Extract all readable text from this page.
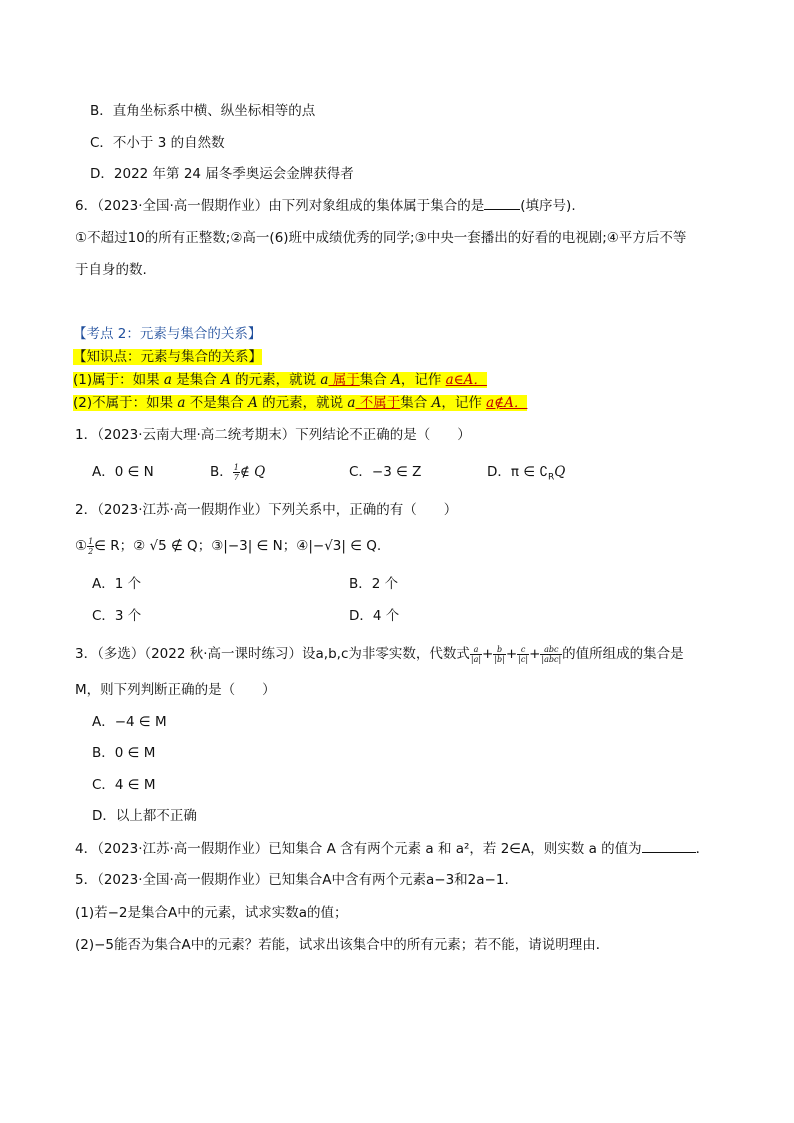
B．直角坐标系中横、纵坐标相等的点
C．不小于 3 的自然数
D．2022 年第 24 届冬季奥运会金牌获得者
6．（2023·全国·高一假期作业）由下列对象组成的集体属于集合的是	(填序号).
①不超过10的所有正整数;②高一(6)班中成绩优秀的同学;③中央一套播出的好看的电视剧;④平方后不等
于自身的数.
【考点 2：元素与集合的关系】
【知识点：元素与集合的关系】
(1)属于：如果 a 是集合 A 的元素，就说 a 属于集合 A，记作 a∈A．
(2)不属于：如果 a 不是集合 A 的元素，就说 a 不属于集合 A，记作 a∉A．
1．（2023·云南大理·高二统考期末）下列结论不正确的是（　　）
A．0 ∈ N	B． $\frac{1}{7}$ ∉ Q	C．−3 ∈ Z	D．π ∈ $∁_RQ$
2．（2023·江苏·高一假期作业）下列关系中，正确的有（　　）
① $\frac{1}{2}$ ∈ R；② √5 ∉ Q；③|−3| ∈ N；④|−√3| ∈ Q.
A．1 个	B．2 个
C．3 个	D．4 个
3．（多选）（2022 秋·高一课时练习）设a,b,c为非零实数，代数式 $\frac{a}{|a|} + \frac{b}{|b|} + \frac{c}{|c|}$ + abc
|abc| 的值所组成的集合是
M，则下列判断正确的是（　　）
A．−4 ∈ M
B．0 ∈ M
C．4 ∈ M
D．以上都不正确
4．（2023·江苏·高一假期作业）已知集合 A 含有两个元素 a 和 a²，若 2∈A，则实数 a 的值为	．
5．（2023·全国·高一假期作业）已知集合A中含有两个元素a−3和2a−1.
(1)若−2是集合A中的元素，试求实数a的值；
(2)−5能否为集合A中的元素？若能，试求出该集合中的所有元素；若不能，请说明理由．
